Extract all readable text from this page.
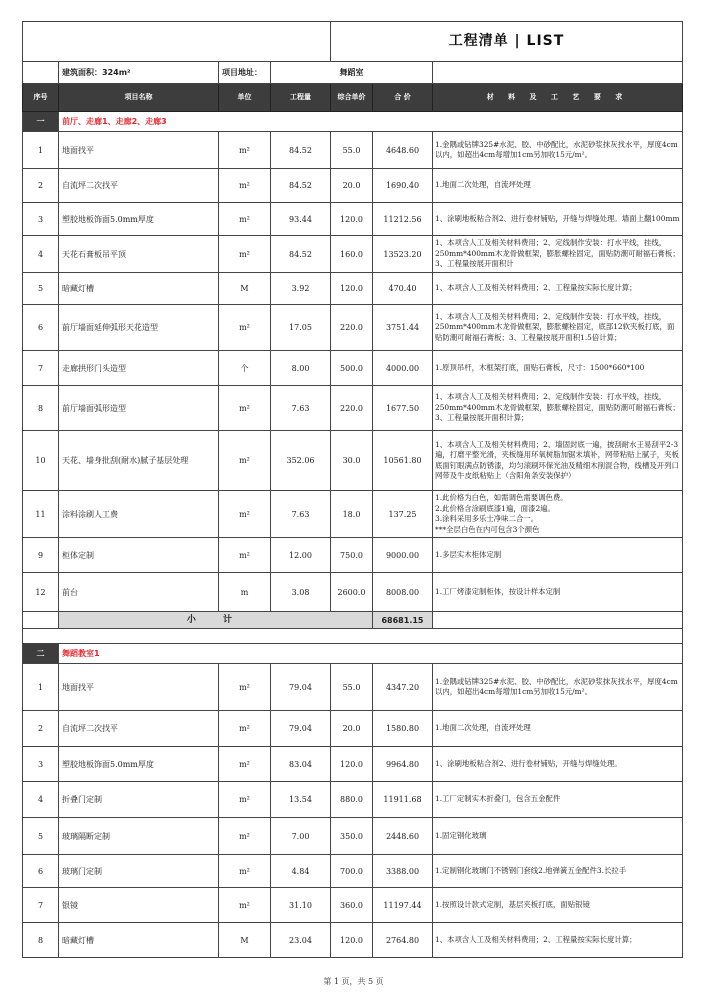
				工程清单 | LIST		
	建筑面积：324m²	项目地址：	舞蹈室			
序号	项目名称	单位	工程量	综合单价	合 价	材 料 及 工 艺 要 求
一	前厅、走廊1、走廊2、走廊3					
1	地面找平	m²	84.52	55.0	4648.60	1.金隅或钻牌325#水泥、胶、中砂配比，水泥砂浆抹灰找水平，厚度4cm以内，如超出4cm每增加1cm另加收15元/m²。
2	自流坪二次找平	m²	84.52	20.0	1690.40	1.地面二次处理，自流坪处理
3	塑胶地板饰面5.0mm厚度	m²	93.44	120.0	11212.56	1、涂刷地板粘合剂2、进行卷材铺贴，开缝与焊缝处理。墙面上翻100mm
4	天花石膏板吊平顶	m²	84.52	160.0	13523.20	1、本项含人工及相关材料费用；2、定线制作安装：打水平线，挂线，250mm*400mm木龙骨做框架，膨胀螺栓固定，面贴防潮可耐福石膏板；3、工程量按展开面积计
5	暗藏灯槽	M	3.92	120.0	470.40	1、本项含人工及相关材料费用；2、工程量按实际长度计算；
6	前厅墙面延伸弧形天花造型	m²	17.05	220.0	3751.44	1、本项含人工及相关材料费用；2、定线制作安装：打水平线，挂线，250mm*400mm木龙骨做框架，膨胀螺栓固定，底部12软夹板打底，面贴防潮可耐福石膏板；3、工程量按展开面积1.5倍计算；
7	走廊拱形门头造型	个	8.00	500.0	4000.00	1.原顶吊杆，木框架打底，面贴石膏板，尺寸：1500*660*100
8	前厅墙面弧形造型	m²	7.63	220.0	1677.50	1、本项含人工及相关材料费用；2、定线制作安装：打水平线，挂线，250mm*400mm木龙骨做框架，膨胀螺栓固定，面贴防潮可耐福石膏板；3、工程量按展开面积计算；
10	天花、墙身批刮(耐水)腻子基层处理	m²	352.06	30.0	10561.80	1、本项含人工及相关材料费用；2、墙固封底一遍，披刮耐水王易刮平2-3遍，打磨平整光滑，夹板缝用环氧树脂加锯末填补，网带粘贴上腻子，夹板底面钉眼满点防锈漆，均匀滚刷环保光油及精细木削混合物，线槽及开列口网带及牛皮纸粘贴上（含阳角条安装保护）
11	涂料涂刷人工费	m²	7.63	18.0	137.25	1.此价格为白色，如需调色需要调色费。
2.此价格含涂刷底漆1遍，面漆2遍。
3.涂料采用多乐士净味二合一。
***全层白色在内可包含3个颜色
9	柜体定制	m²	12.00	750.0	9000.00	1.多层实木柜体定制
12	前台	m	3.08	2600.0	8008.00	1.工厂烤漆定制柜体，按设计样本定制
	小 计				68681.15	

二	舞蹈教室1					
1	地面找平	m²	79.04	55.0	4347.20	1.金隅或钻牌325#水泥、胶、中砂配比，水泥砂浆抹灰找水平，厚度4cm以内，如超出4cm每增加1cm另加收15元/m²。
2	自流坪二次找平	m²	79.04	20.0	1580.80	1.地面二次处理，自流坪处理
3	塑胶地板饰面5.0mm厚度	m²	83.04	120.0	9964.80	1、涂刷地板粘合剂2、进行卷材铺贴，开缝与焊缝处理。
4	折叠门定制	m²	13.54	880.0	11911.68	1.工厂定制实木折叠门，包含五金配件
5	玻璃隔断定制	m²	7.00	350.0	2448.60	1.固定钢化玻璃
6	玻璃门定制	m²	4.84	700.0	3388.00	1.定制钢化玻璃门不锈钢门套线2.地弹簧五金配件3.长拉手
7	银镜	m²	31.10	360.0	11197.44	1.按照设计款式定制，基层夹板打底，面贴银镜
8	暗藏灯槽	M	23.04	120.0	2764.80	1、本项含人工及相关材料费用；2、工程量按实际长度计算；
第 1 页，共 5 页
